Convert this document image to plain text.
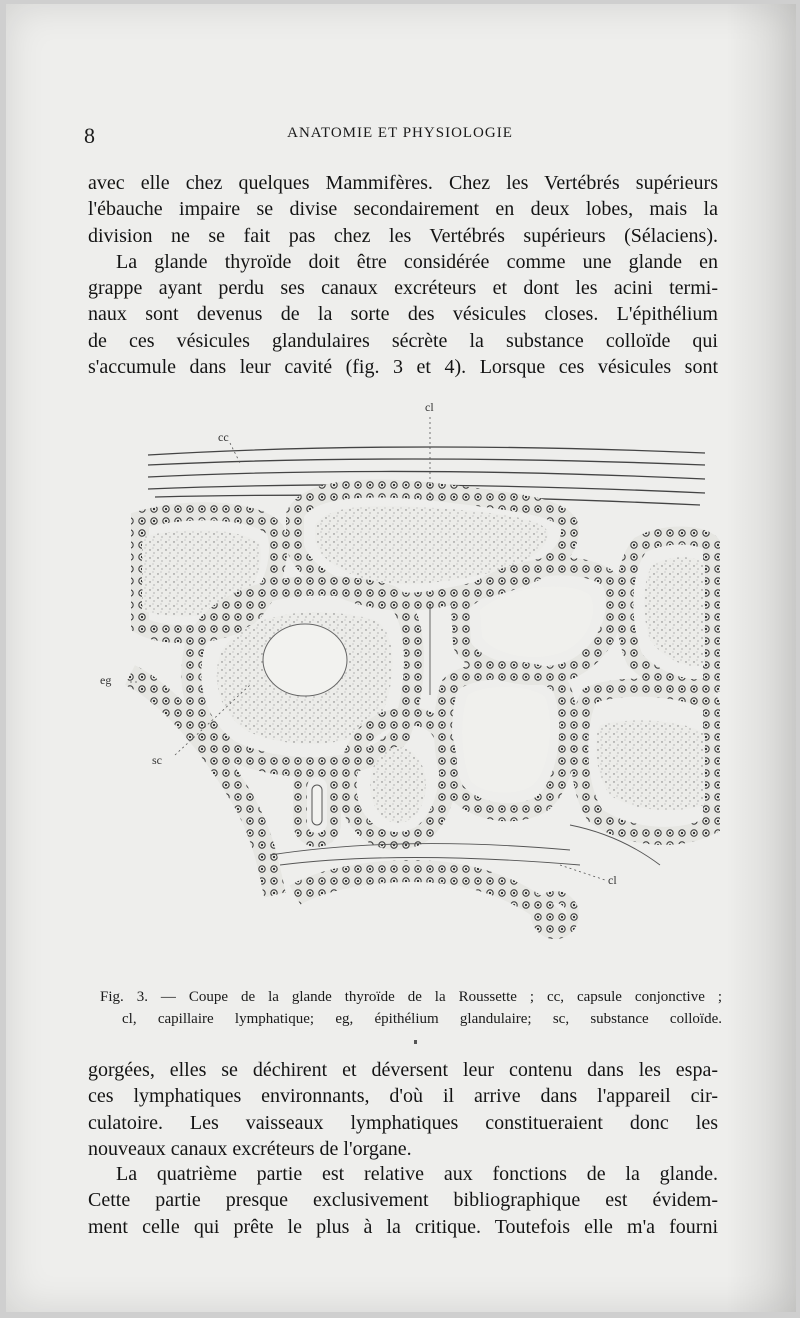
8	ANATOMIE ET PHYSIOLOGIE
avec elle chez quelques Mammifères. Chez les Vertébrés supérieurs
l'ébauche impaire se divise secondairement en deux lobes, mais la
division ne se fait pas chez les Vertébrés supérieurs (Sélaciens).
La glande thyroïde doit être considérée comme une glande en
grappe ayant perdu ses canaux excréteurs et dont les acini termi-
naux sont devenus de la sorte des vésicules closes. L'épithélium
de ces vésicules glandulaires sécrète la substance colloïde qui
s'accumule dans leur cavité (fig. 3 et 4). Lorsque ces vésicules sont
cl
cc
eg
sc
cl
Fig. 3. — Coupe de la glande thyroïde de la Roussette ; cc, capsule conjonctive ;
cl, capillaire lymphatique; eg, épithélium glandulaire; sc, substance colloïde.
gorgées, elles se déchirent et déversent leur contenu dans les espa-
ces lymphatiques environnants, d'où il arrive dans l'appareil cir-
culatoire. Les vaisseaux lymphatiques constitueraient donc les
nouveaux canaux excréteurs de l'organe.
La quatrième partie est relative aux fonctions de la glande.
Cette partie presque exclusivement bibliographique est évidem-
ment celle qui prête le plus à la critique. Toutefois elle m'a fourni
